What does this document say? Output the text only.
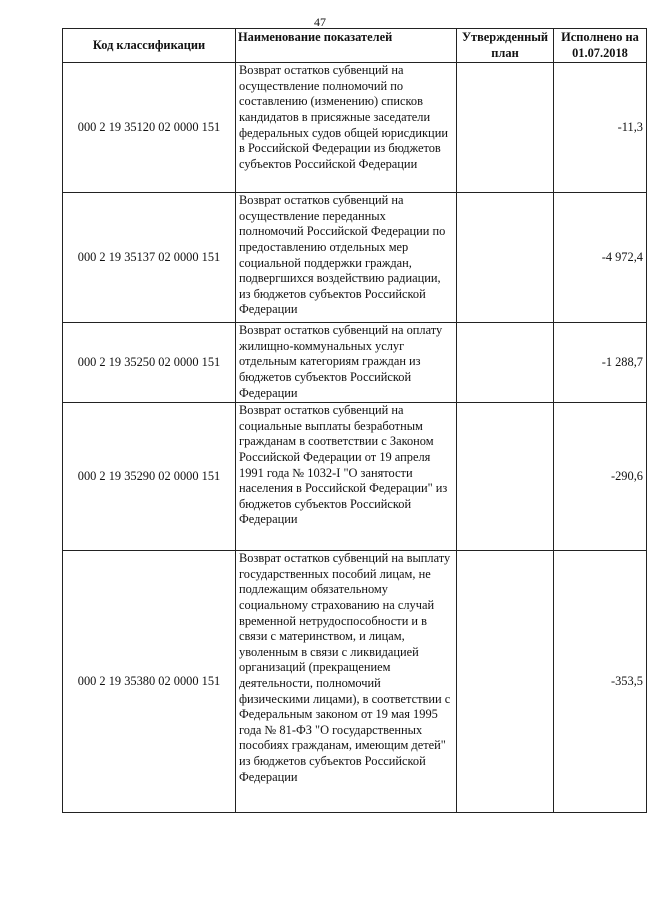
47
Код классификации	Наименование показателей	Утвержденный план	Исполнено на 01.07.2018
000 2 19 35120 02 0000 151	Возврат остатков субвенций на осуществление полномочий по составлению (изменению) списков кандидатов в присяжные заседатели федеральных судов общей юрисдикции в Российской Федерации из бюджетов субъектов Российской Федерации		-11,3
000 2 19 35137 02 0000 151	Возврат остатков субвенций на осуществление переданных полномочий Российской Федерации по предоставлению отдельных мер социальной поддержки граждан, подвергшихся воздействию радиации, из бюджетов субъектов Российской Федерации		-4 972,4
000 2 19 35250 02 0000 151	Возврат остатков субвенций на оплату жилищно-коммунальных услуг отдельным категориям граждан из бюджетов субъектов Российской Федерации		-1 288,7
000 2 19 35290 02 0000 151	Возврат остатков субвенций на социальные выплаты безработным гражданам в соответствии с Законом Российской Федерации от 19 апреля 1991 года № 1032-I "О занятости населения в Российской Федерации" из бюджетов субъектов Российской Федерации		-290,6
000 2 19 35380 02 0000 151	Возврат остатков субвенций на выплату государственных пособий лицам, не подлежащим обязательному социальному страхованию на случай временной нетрудоспособности и в связи с материнством, и лицам, уволенным в связи с ликвидацией организаций (прекращением деятельности, полномочий физическими лицами), в соответствии с Федеральным законом от 19 мая 1995 года № 81-ФЗ "О государственных пособиях гражданам, имеющим детей" из бюджетов субъектов Российской Федерации		-353,5
